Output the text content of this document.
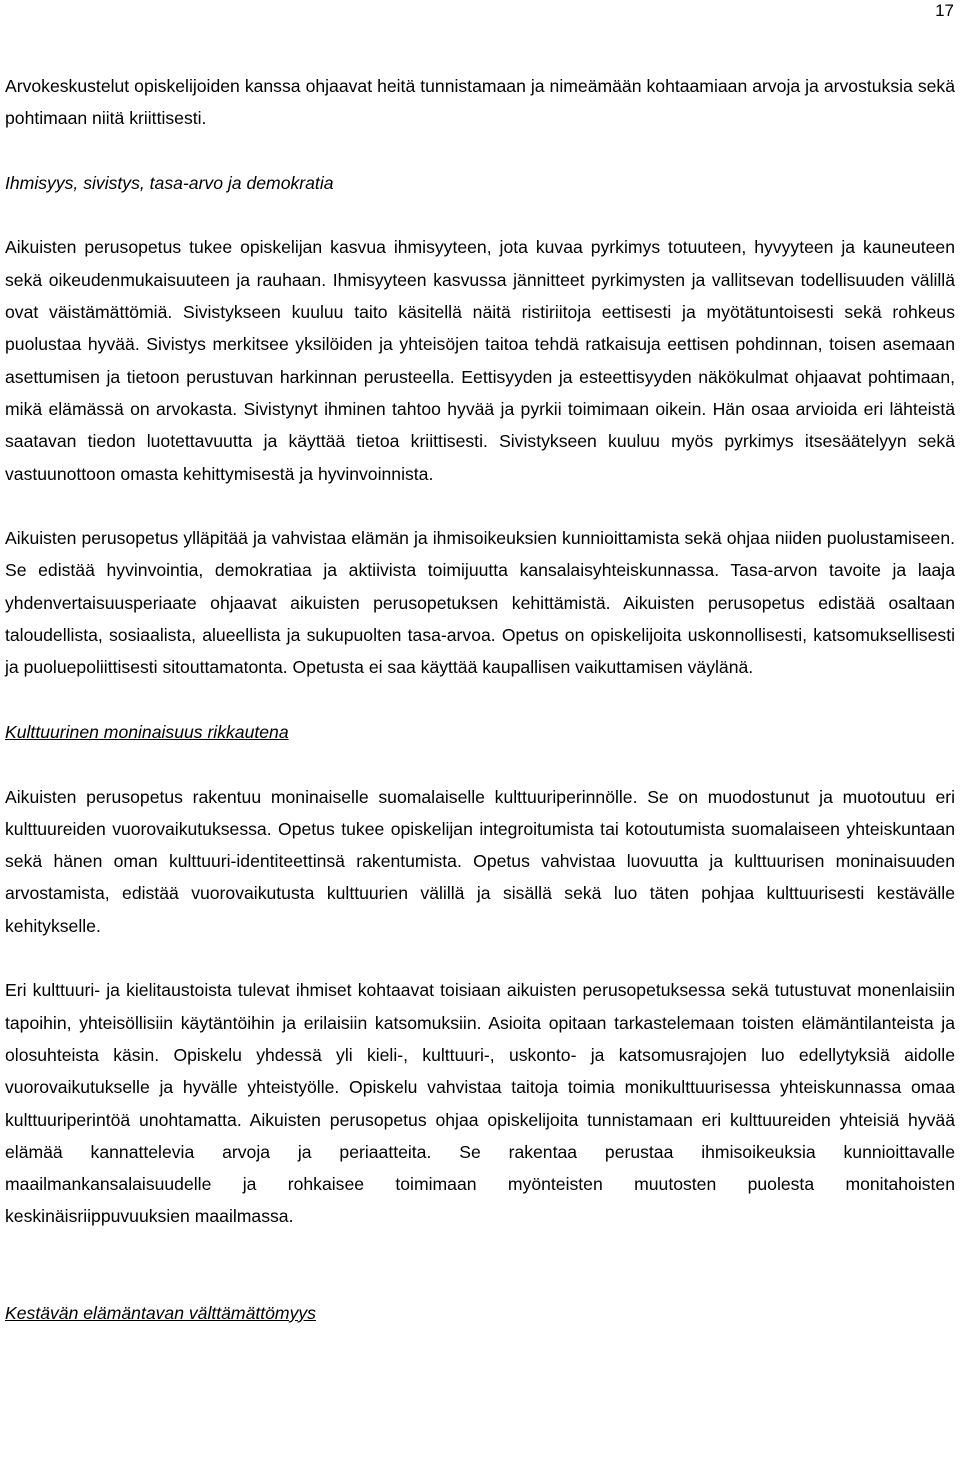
17

Arvokeskustelut opiskelijoiden kanssa ohjaavat heitä tunnistamaan ja nimeämään kohtaamiaan arvoja ja arvostuksia sekä pohtimaan niitä kriittisesti.

Ihmisyys, sivistys, tasa-arvo ja demokratia

Aikuisten perusopetus tukee opiskelijan kasvua ihmisyyteen, jota kuvaa pyrkimys totuuteen, hyvyyteen ja kauneuteen sekä oikeudenmukaisuuteen ja rauhaan. Ihmisyyteen kasvussa jännitteet pyrkimysten ja vallitsevan todellisuuden välillä ovat väistämättömiä. Sivistykseen kuuluu taito käsitellä näitä ristiriitoja eettisesti ja myötätuntoisesti sekä rohkeus puolustaa hyvää. Sivistys merkitsee yksilöiden ja yhteisöjen taitoa tehdä ratkaisuja eettisen pohdinnan, toisen asemaan asettumisen ja tietoon perustuvan harkinnan perusteella. Eettisyyden ja esteettisyyden näkökulmat ohjaavat pohtimaan, mikä elämässä on arvokasta. Sivistynyt ihminen tahtoo hyvää ja pyrkii toimimaan oikein. Hän osaa arvioida eri lähteistä saatavan tiedon luotettavuutta ja käyttää tietoa kriittisesti. Sivistykseen kuuluu myös pyrkimys itsesäätelyyn sekä vastuunottoon omasta kehittymisestä ja hyvinvoinnista.

Aikuisten perusopetus ylläpitää ja vahvistaa elämän ja ihmisoikeuksien kunnioittamista sekä ohjaa niiden puolustamiseen. Se edistää hyvinvointia, demokratiaa ja aktiivista toimijuutta kansalaisyhteiskunnassa. Tasa-arvon tavoite ja laaja yhdenvertaisuusperiaate ohjaavat aikuisten perusopetuksen kehittämistä. Aikuisten perusopetus edistää osaltaan taloudellista, sosiaalista, alueellista ja sukupuolten tasa-arvoa. Opetus on opiskelijoita uskonnollisesti, katsomuksellisesti ja puoluepoliittisesti sitouttamatonta. Opetusta ei saa käyttää kaupallisen vaikuttamisen väylänä.

Kulttuurinen moninaisuus rikkautena

Aikuisten perusopetus rakentuu moninaiselle suomalaiselle kulttuuriperinnölle. Se on muodostunut ja muotoutuu eri kulttuureiden vuorovaikutuksessa. Opetus tukee opiskelijan integroitumista tai kotoutumista suomalaiseen yhteiskuntaan sekä hänen oman kulttuuri-identiteettinsä rakentumista. Opetus vahvistaa luovuutta ja kulttuurisen moninaisuuden arvostamista, edistää vuorovaikutusta kulttuurien välillä ja sisällä sekä luo täten pohjaa kulttuurisesti kestävälle kehitykselle.

Eri kulttuuri- ja kielitaustoista tulevat ihmiset kohtaavat toisiaan aikuisten perusopetuksessa sekä tutustuvat monenlaisiin tapoihin, yhteisöllisiin käytäntöihin ja erilaisiin katsomuksiin. Asioita opitaan tarkastelemaan toisten elämäntilanteista ja olosuhteista käsin. Opiskelu yhdessä yli kieli-, kulttuuri-, uskonto- ja katsomusrajojen luo edellytyksiä aidolle vuorovaikutukselle ja hyvälle yhteistyölle. Opiskelu vahvistaa taitoja toimia monikulttuurisessa yhteiskunnassa omaa kulttuuriperintöä unohtamatta. Aikuisten perusopetus ohjaa opiskelijoita tunnistamaan eri kulttuureiden yhteisiä hyvää elämää kannattelevia arvoja ja periaatteita. Se rakentaa perustaa ihmisoikeuksia kunnioittavalle maailmankansalaisuudelle ja rohkaisee toimimaan myönteisten muutosten puolesta monitahoisten keskinäisriippuvuuksien maailmassa.

Kestävän elämäntavan välttämättömyys
